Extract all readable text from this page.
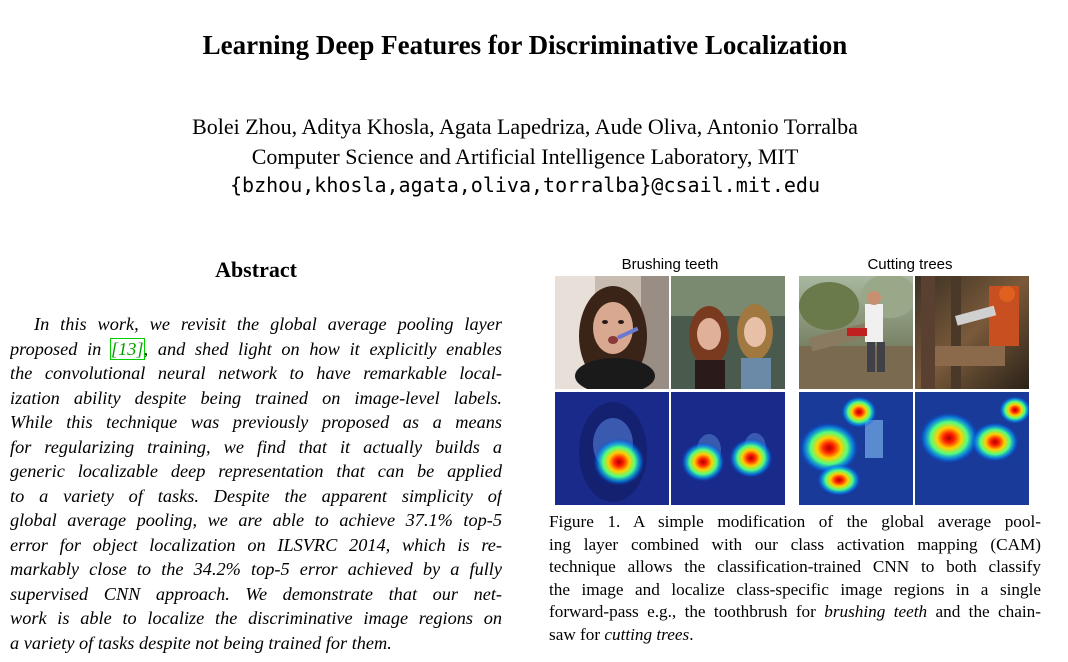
Learning Deep Features for Discriminative Localization
Bolei Zhou, Aditya Khosla, Agata Lapedriza, Aude Oliva, Antonio Torralba
Computer Science and Artificial Intelligence Laboratory, MIT
{bzhou,khosla,agata,oliva,torralba}@csail.mit.edu
Abstract
In this work, we revisit the global average pooling layer
proposed in [13], and shed light on how it explicitly enables
the convolutional neural network to have remarkable local-
ization ability despite being trained on image-level labels.
While this technique was previously proposed as a means
for regularizing training, we find that it actually builds a
generic localizable deep representation that can be applied
to a variety of tasks. Despite the apparent simplicity of
global average pooling, we are able to achieve 37.1% top-5
error for object localization on ILSVRC 2014, which is re-
markably close to the 34.2% top-5 error achieved by a fully
supervised CNN approach. We demonstrate that our net-
work is able to localize the discriminative image regions on
a variety of tasks despite not being trained for them.
Brushing teeth	Cutting trees
Figure 1. A simple modification of the global average pool-
ing layer combined with our class activation mapping (CAM)
technique allows the classification-trained CNN to both classify
the image and localize class-specific image regions in a single
forward-pass e.g., the toothbrush for brushing teeth and the chain-
saw for cutting trees.
